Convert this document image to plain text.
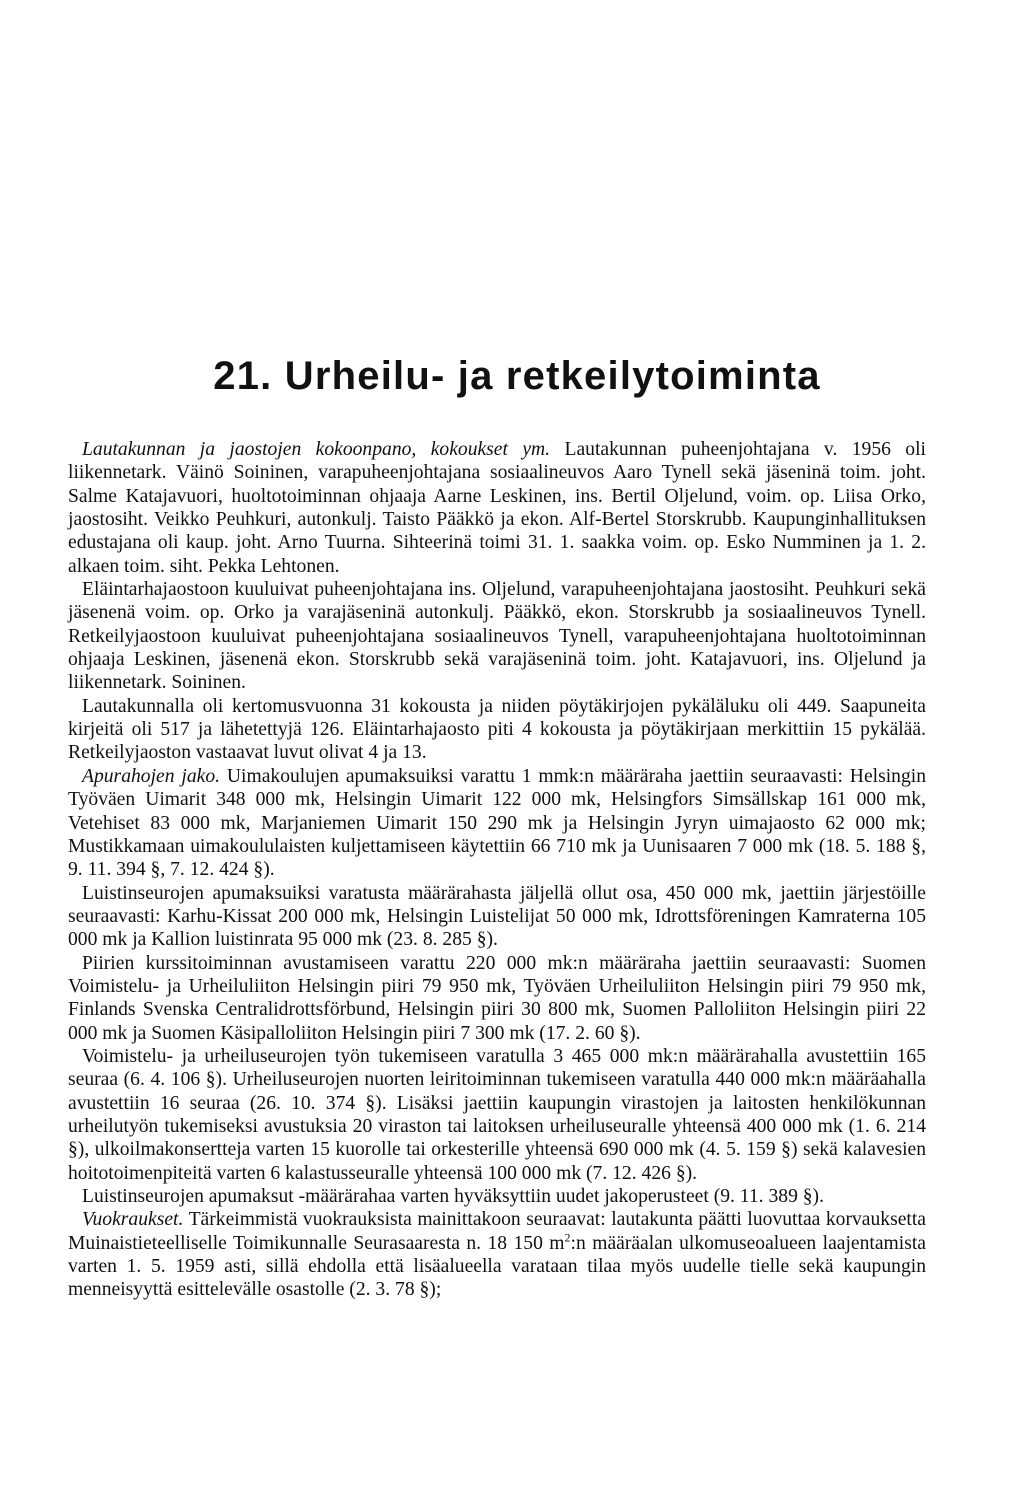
21. Urheilu- ja retkeilytoiminta

Lautakunnan ja jaostojen kokoonpano, kokoukset ym. Lautakunnan puheenjohtajana v. 1956 oli liikennetark. Väinö Soininen, varapuheenjohtajana sosiaalineuvos Aaro Tynell sekä jäseninä toim. joht. Salme Katajavuori, huoltotoiminnan ohjaaja Aarne Leskinen, ins. Bertil Oljelund, voim. op. Liisa Orko, jaostosiht. Veikko Peuhkuri, autonkulj. Taisto Pääkkö ja ekon. Alf-Bertel Storskrubb. Kaupunginhallituksen edustajana oli kaup. joht. Arno Tuurna. Sihteerinä toimi 31. 1. saakka voim. op. Esko Numminen ja 1. 2. alkaen toim. siht. Pekka Lehtonen.

Eläintarhajaostoon kuuluivat puheenjohtajana ins. Oljelund, varapuheenjohtajana jaostosiht. Peuhkuri sekä jäsenenä voim. op. Orko ja varajäseninä autonkulj. Pääkkö, ekon. Storskrubb ja sosiaalineuvos Tynell. Retkeilyjaostoon kuuluivat puheenjohtajana sosiaalineuvos Tynell, varapuheenjohtajana huoltotoiminnan ohjaaja Leskinen, jäsenenä ekon. Storskrubb sekä varajäseninä toim. joht. Katajavuori, ins. Oljelund ja liikennetark. Soininen.

Lautakunnalla oli kertomusvuonna 31 kokousta ja niiden pöytäkirjojen pykäläluku oli 449. Saapuneita kirjeitä oli 517 ja lähetettyjä 126. Eläintarhajaosto piti 4 kokousta ja pöytäkirjaan merkittiin 15 pykälää. Retkeilyjaoston vastaavat luvut olivat 4 ja 13.

Apurahojen jako. Uimakoulujen apumaksuiksi varattu 1 mmk:n määräraha jaettiin seuraavasti: Helsingin Työväen Uimarit 348 000 mk, Helsingin Uimarit 122 000 mk, Helsingfors Simsällskap 161 000 mk, Vetehiset 83 000 mk, Marjaniemen Uimarit 150 290 mk ja Helsingin Jyryn uimajaosto 62 000 mk; Mustikkamaan uimakoululaisten kuljettamiseen käytettiin 66 710 mk ja Uunisaaren 7 000 mk (18. 5. 188 §, 9. 11. 394 §, 7. 12. 424 §).

Luistinseurojen apumaksuiksi varatusta määrärahasta jäljellä ollut osa, 450 000 mk, jaettiin järjestöille seuraavasti: Karhu-Kissat 200 000 mk, Helsingin Luistelijat 50 000 mk, Idrottsföreningen Kamraterna 105 000 mk ja Kallion luistinrata 95 000 mk (23. 8. 285 §).

Piirien kurssitoiminnan avustamiseen varattu 220 000 mk:n määräraha jaettiin seuraavasti: Suomen Voimistelu- ja Urheiluliiton Helsingin piiri 79 950 mk, Työväen Urheiluliiton Helsingin piiri 79 950 mk, Finlands Svenska Centralidrottsförbund, Helsingin piiri 30 800 mk, Suomen Palloliiton Helsingin piiri 22 000 mk ja Suomen Käsipalloliiton Helsingin piiri 7 300 mk (17. 2. 60 §).

Voimistelu- ja urheiluseurojen työn tukemiseen varatulla 3 465 000 mk:n määrärahalla avustettiin 165 seuraa (6. 4. 106 §). Urheiluseurojen nuorten leiritoiminnan tukemiseen varatulla 440 000 mk:n määräahalla avustettiin 16 seuraa (26. 10. 374 §). Lisäksi jaettiin kaupungin virastojen ja laitosten henkilökunnan urheilutyön tukemiseksi avustuksia 20 viraston tai laitoksen urheiluseuralle yhteensä 400 000 mk (1. 6. 214 §), ulkoilmakonsertteja varten 15 kuorolle tai orkesterille yhteensä 690 000 mk (4. 5. 159 §) sekä kalavesien hoitotoimenpiteitä varten 6 kalastusseuralle yhteensä 100 000 mk (7. 12. 426 §).

Luistinseurojen apumaksut -määrärahaa varten hyväksyttiin uudet jakoperusteet (9. 11. 389 §).

Vuokraukset. Tärkeimmistä vuokrauksista mainittakoon seuraavat: lautakunta päätti luovuttaa korvauksetta Muinaistieteelliselle Toimikunnalle Seurasaaresta n. 18 150 $m^2:n$ määräalan ulkomuseoalueen laajentamista varten 1. 5. 1959 asti, sillä ehdolla että lisäalueella varataan tilaa myös uudelle tielle sekä kaupungin menneisyyttä esittelevälle osastolle (2. 3. 78 §);
